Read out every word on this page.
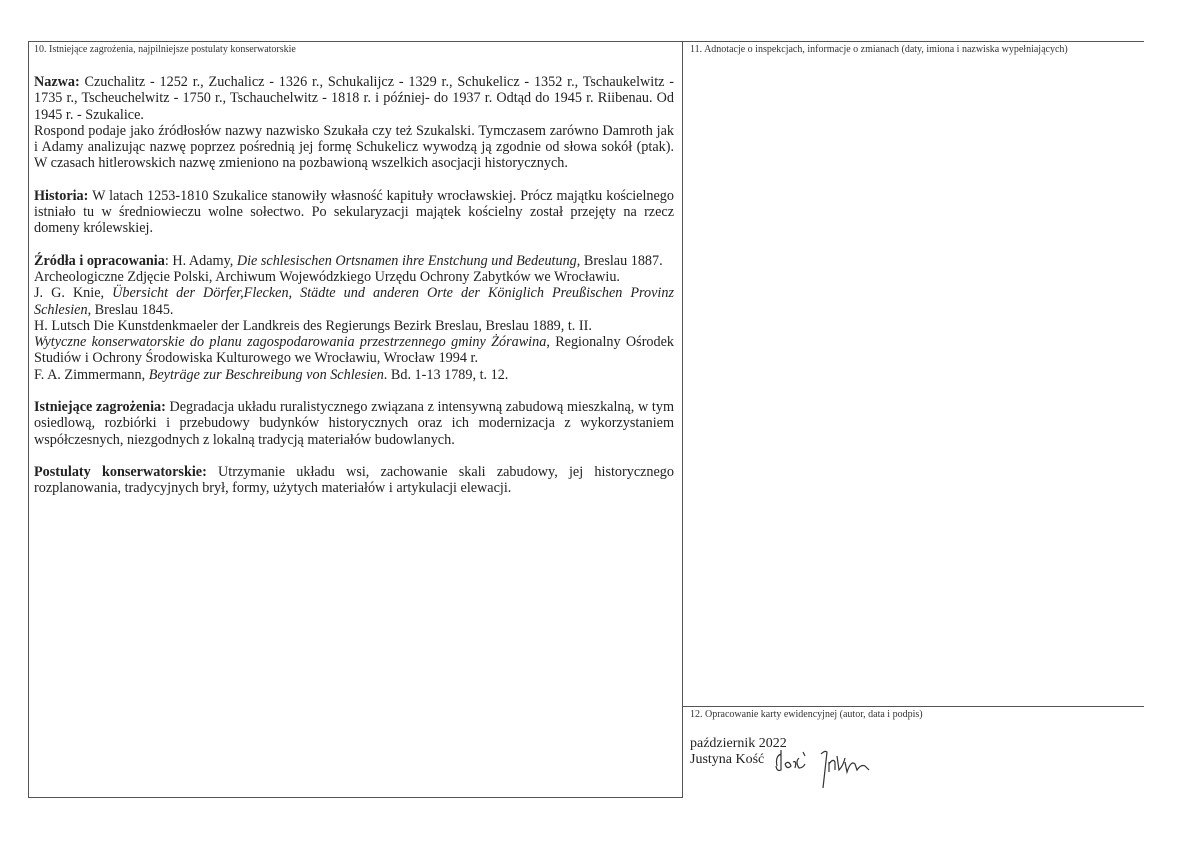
10. Istniejące zagrożenia, najpilniejsze postulaty konserwatorskie

Nazwa: Czuchalitz - 1252 r., Zuchalicz - 1326 r., Schukalijcz - 1329 r., Schukelicz - 1352 r., Tschaukelwitz - 1735 r., Tscheuchelwitz - 1750 r., Tschauchelwitz - 1818 r. i później- do 1937 r. Odtąd do 1945 r. Riibenau. Od 1945 r. - Szukalice.
Rospond podaje jako źródłosłów nazwy nazwisko Szukała czy też Szukalski. Tymczasem zarówno Damroth jak i Adamy analizując nazwę poprzez pośrednią jej formę Schukelicz wywodzą ją zgodnie od słowa sokół (ptak). W czasach hitlerowskich nazwę zmieniono na pozbawioną wszelkich asocjacji historycznych.

Historia: W latach 1253-1810 Szukalice stanowiły własność kapituły wrocławskiej. Prócz majątku kościelnego istniało tu w średniowieczu wolne sołectwo. Po sekularyzacji majątek kościelny został przejęty na rzecz domeny królewskiej.

Źródła i opracowania: H. Adamy, Die schlesischen Ortsnamen ihre Enstchung und Bedeutung, Breslau 1887.
Archeologiczne Zdjęcie Polski, Archiwum Wojewódzkiego Urzędu Ochrony Zabytków we Wrocławiu.
J. G. Knie, Übersicht der Dörfer,Flecken, Städte und anderen Orte der Königlich Preußischen Provinz Schlesien, Breslau 1845.
H. Lutsch Die Kunstdenkmaeler der Landkreis des Regierungs Bezirk Breslau, Breslau 1889, t. II.
Wytyczne konserwatorskie do planu zagospodarowania przestrzennego gminy Żórawina, Regionalny Ośrodek Studiów i Ochrony Środowiska Kulturowego we Wrocławiu, Wrocław 1994 r.
F. A. Zimmermann, Beyträge zur Beschreibung von Schlesien. Bd. 1-13 1789, t. 12.

Istniejące zagrożenia: Degradacja układu ruralistycznego związana z intensywną zabudową mieszkalną, w tym osiedlową, rozbiórki i przebudowy budynków historycznych oraz ich modernizacja z wykorzystaniem współczesnych, niezgodnych z lokalną tradycją materiałów budowlanych.

Postulaty konserwatorskie: Utrzymanie układu wsi, zachowanie skali zabudowy, jej historycznego rozplanowania, tradycyjnych brył, formy, użytych materiałów i artykulacji elewacji.

11. Adnotacje o inspekcjach, informacje o zmianach (daty, imiona i nazwiska wypełniających)
12. Opracowanie karty ewidencyjnej (autor, data i podpis)
październik 2022
Justyna Kość
